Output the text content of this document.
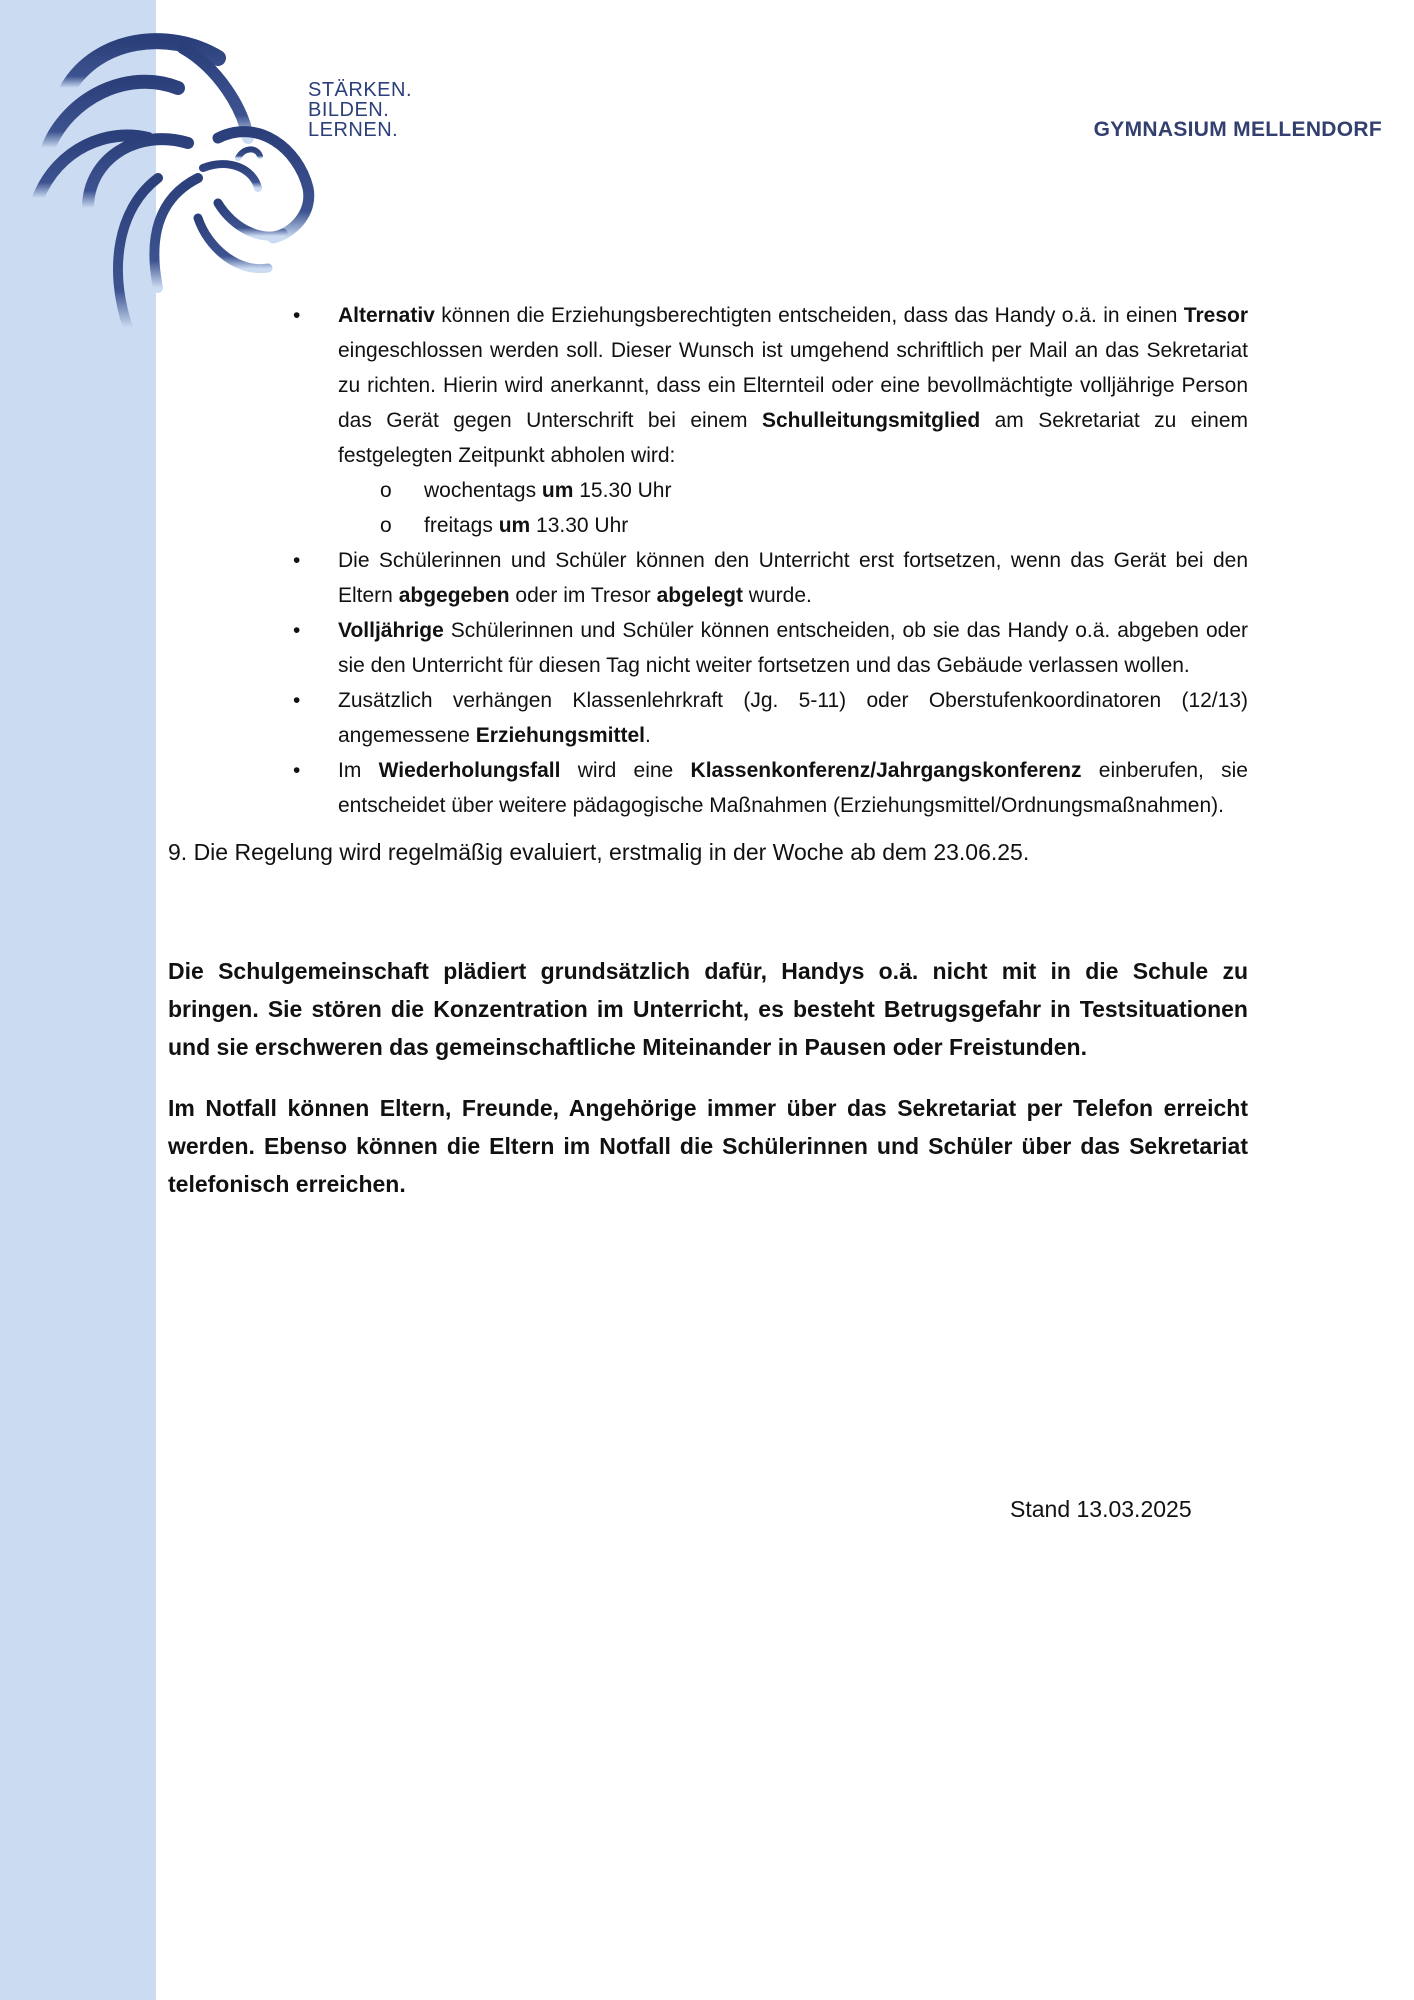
STÄRKEN.
BILDEN.
LERNEN.	GYMNASIUM MELLENDORF
• Alternativ können die Erziehungsberechtigten entscheiden, dass das Handy o.ä. in einen Tresor eingeschlossen werden soll. Dieser Wunsch ist umgehend schriftlich per Mail an das Sekretariat zu richten. Hierin wird anerkannt, dass ein Elternteil oder eine bevollmächtigte volljährige Person das Gerät gegen Unterschrift bei einem Schulleitungsmitglied am Sekretariat zu einem festgelegten Zeitpunkt abholen wird:
o wochentags um 15.30 Uhr
o freitags um 13.30 Uhr
• Die Schülerinnen und Schüler können den Unterricht erst fortsetzen, wenn das Gerät bei den Eltern abgegeben oder im Tresor abgelegt wurde.
• Volljährige Schülerinnen und Schüler können entscheiden, ob sie das Handy o.ä. abgeben oder sie den Unterricht für diesen Tag nicht weiter fortsetzen und das Gebäude verlassen wollen.
• Zusätzlich verhängen Klassenlehrkraft (Jg. 5-11) oder Oberstufenkoordinatoren (12/13) angemessene Erziehungsmittel.
• Im Wiederholungsfall wird eine Klassenkonferenz/Jahrgangskonferenz einberufen, sie entscheidet über weitere pädagogische Maßnahmen (Erziehungsmittel/Ordnungsmaßnahmen).
9. Die Regelung wird regelmäßig evaluiert, erstmalig in der Woche ab dem 23.06.25.

Die Schulgemeinschaft plädiert grundsätzlich dafür, Handys o.ä. nicht mit in die Schule zu bringen. Sie stören die Konzentration im Unterricht, es besteht Betrugsgefahr in Testsituationen und sie erschweren das gemeinschaftliche Miteinander in Pausen oder Freistunden.

Im Notfall können Eltern, Freunde, Angehörige immer über das Sekretariat per Telefon erreicht werden. Ebenso können die Eltern im Notfall die Schülerinnen und Schüler über das Sekretariat telefonisch erreichen.

Stand 13.03.2025
